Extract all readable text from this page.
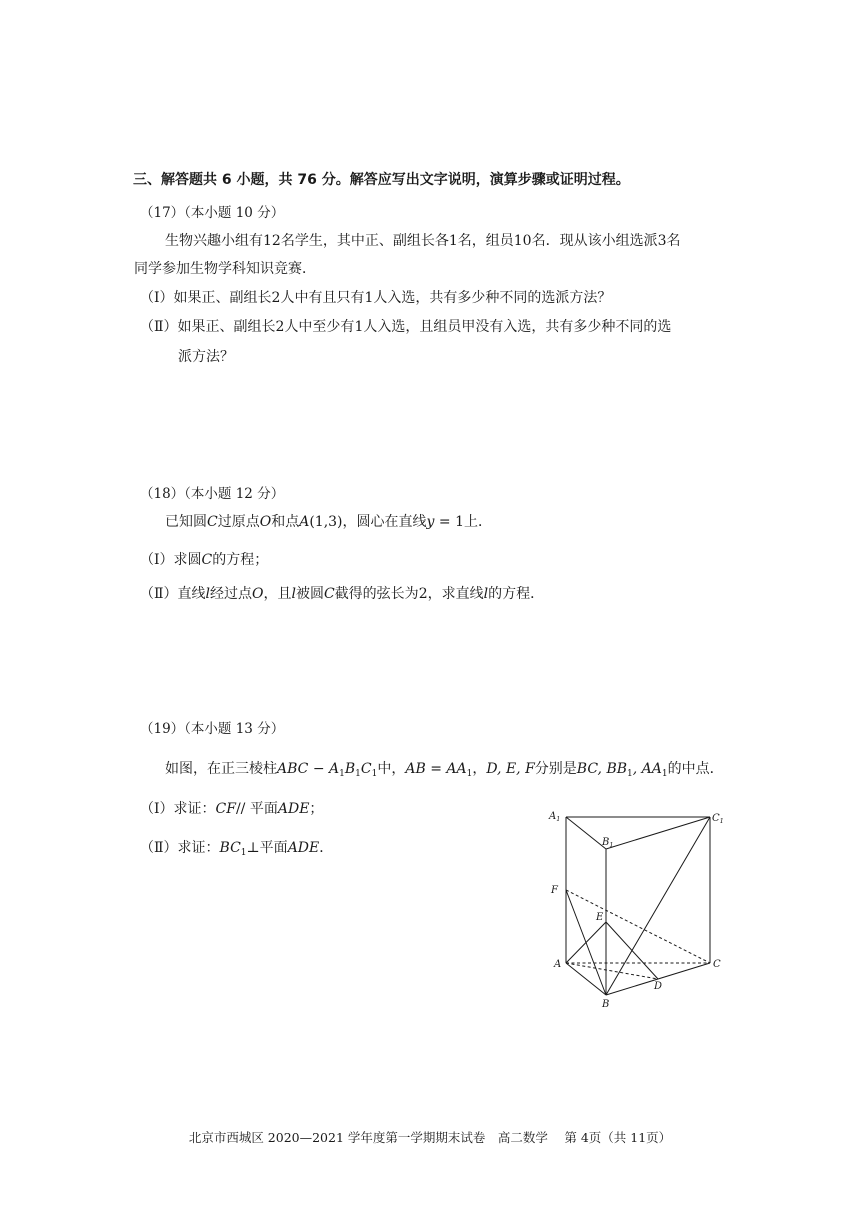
三、解答题共 6 小题，共 76 分。解答应写出文字说明，演算步骤或证明过程。
（17）（本小题 10 分）
生物兴趣小组有12名学生，其中正、副组长各1名，组员10名．现从该小组选派3名
同学参加生物学科知识竞赛．
（Ⅰ）如果正、副组长2人中有且只有1人入选，共有多少种不同的选派方法？
（Ⅱ）如果正、副组长2人中至少有1人入选，且组员甲没有入选，共有多少种不同的选
派方法？
（18）（本小题 12 分）
已知圆C过原点O和点A(1,3)，圆心在直线y = 1上．
（Ⅰ）求圆C的方程；
（Ⅱ）直线l经过点O，且l被圆C截得的弦长为2，求直线l的方程．
（19）（本小题 13 分）
如图，在正三棱柱ABC − $A_1B_1C_1$中，AB = $AA_1$，D, E, F分别是BC, $BB_1$, $AA_1$的中点．
（Ⅰ）求证：CF// 平面ADE；
（Ⅱ）求证：$BC_1\perp$平面ADE．
$A_1$
$B_1$
$C_1$
F
E
A	C
D
B
北京市西城区 2020—2021 学年度第一学期期末试卷　高二数学　 第 4页（共 11页）
